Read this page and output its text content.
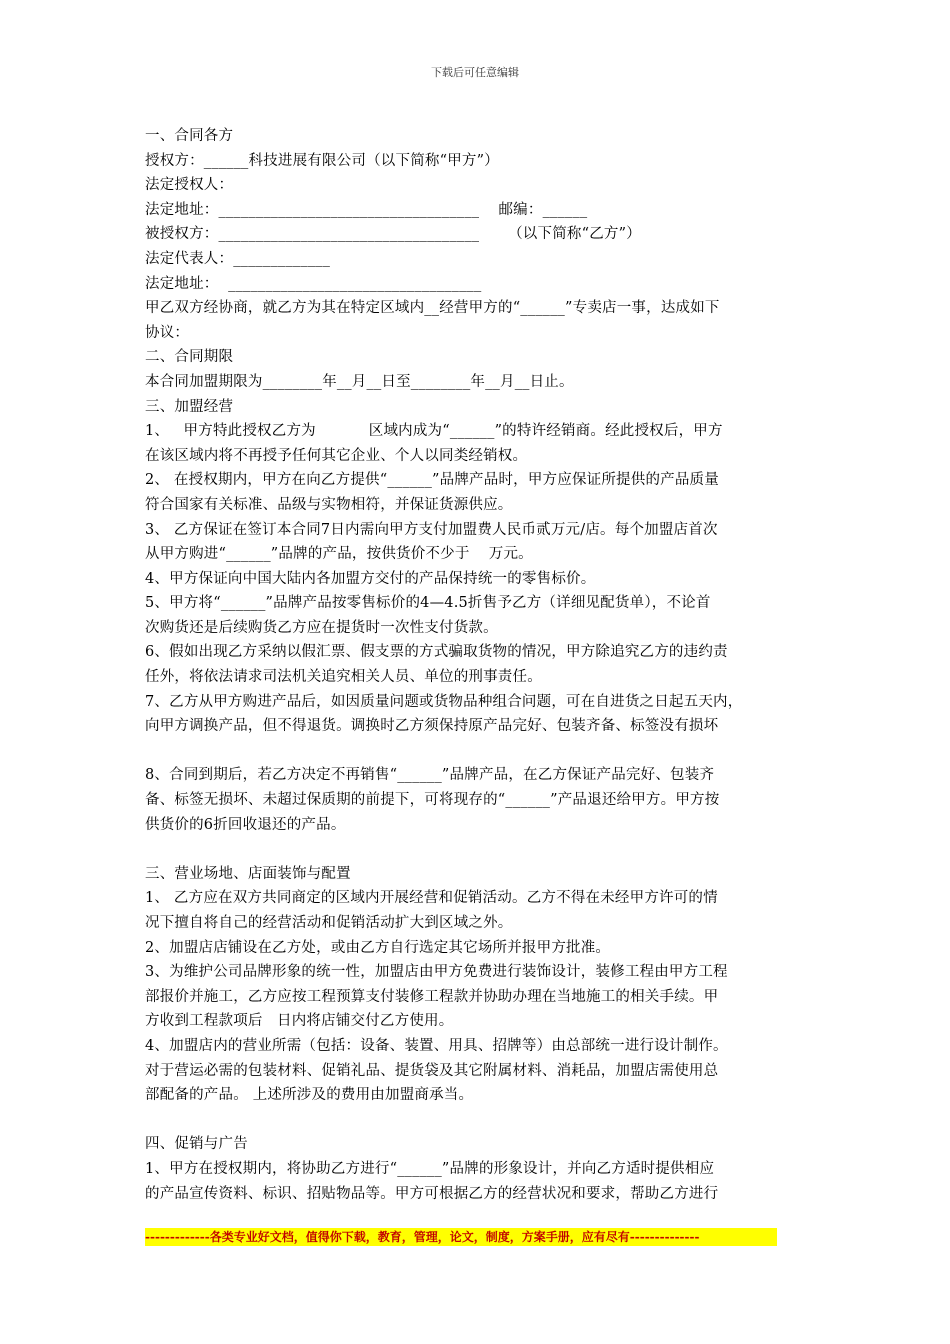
下载后可任意编辑

一、合同各方

授权方：______科技进展有限公司（以下简称“甲方”）

法定授权人：

法定地址：___________________________________    邮编：______

被授权方：___________________________________      （以下简称“乙方”）

法定代表人：_____________

法定地址：  __________________________________

甲乙双方经协商，就乙方为其在特定区域内__经营甲方的“______”专卖店一事，达成如下

协议：

二、合同期限

本合同加盟期限为________年__月__日至________年__月__日止。

三、加盟经营

1、   甲方特此授权乙方为           区域内成为“______”的特许经销商。经此授权后，甲方

在该区域内将不再授予任何其它企业、个人以同类经销权。

2、 在授权期内，甲方在向乙方提供“______”品牌产品时，甲方应保证所提供的产品质量

符合国家有关标准、品级与实物相符，并保证货源供应。

3、 乙方保证在签订本合同7日内需向甲方支付加盟费人民币贰万元/店。每个加盟店首次

从甲方购进“______”品牌的产品，按供货价不少于    万元。

4、甲方保证向中国大陆内各加盟方交付的产品保持统一的零售标价。

5、甲方将“______”品牌产品按零售标价的4—4.5折售予乙方（详细见配货单），不论首

次购货还是后续购货乙方应在提货时一次性支付货款。

6、假如出现乙方采纳以假汇票、假支票的方式骗取货物的情况，甲方除追究乙方的违约责

任外，将依法请求司法机关追究相关人员、单位的刑事责任。

7、乙方从甲方购进产品后，如因质量问题或货物品种组合问题，可在自进货之日起五天内，

向甲方调换产品，但不得退货。调换时乙方须保持原产品完好、包装齐备、标签没有损坏

8、合同到期后，若乙方决定不再销售“______”品牌产品，在乙方保证产品完好、包装齐

备、标签无损坏、未超过保质期的前提下，可将现存的“______”产品退还给甲方。甲方按

供货价的6折回收退还的产品。

三、营业场地、店面装饰与配置

1、 乙方应在双方共同商定的区域内开展经营和促销活动。乙方不得在未经甲方许可的情

况下擅自将自己的经营活动和促销活动扩大到区域之外。

2、加盟店店铺设在乙方处，或由乙方自行选定其它场所并报甲方批准。

3、为维护公司品牌形象的统一性，加盟店由甲方免费进行装饰设计，装修工程由甲方工程

部报价并施工，乙方应按工程预算支付装修工程款并协助办理在当地施工的相关手续。甲

方收到工程款项后   日内将店铺交付乙方使用。

4、加盟店内的营业所需（包括：设备、装置、用具、招牌等）由总部统一进行设计制作。

对于营运必需的包装材料、促销礼品、提货袋及其它附属材料、消耗品，加盟店需使用总

部配备的产品。 上述所涉及的费用由加盟商承当。

四、促销与广告

1、甲方在授权期内，将协助乙方进行“______”品牌的形象设计，并向乙方适时提供相应

的产品宣传资料、标识、招贴物品等。甲方可根据乙方的经营状况和要求，帮助乙方进行

-------------各类专业好文档，值得你下载，教育，管理，论文，制度，方案手册，应有尽有--------------
